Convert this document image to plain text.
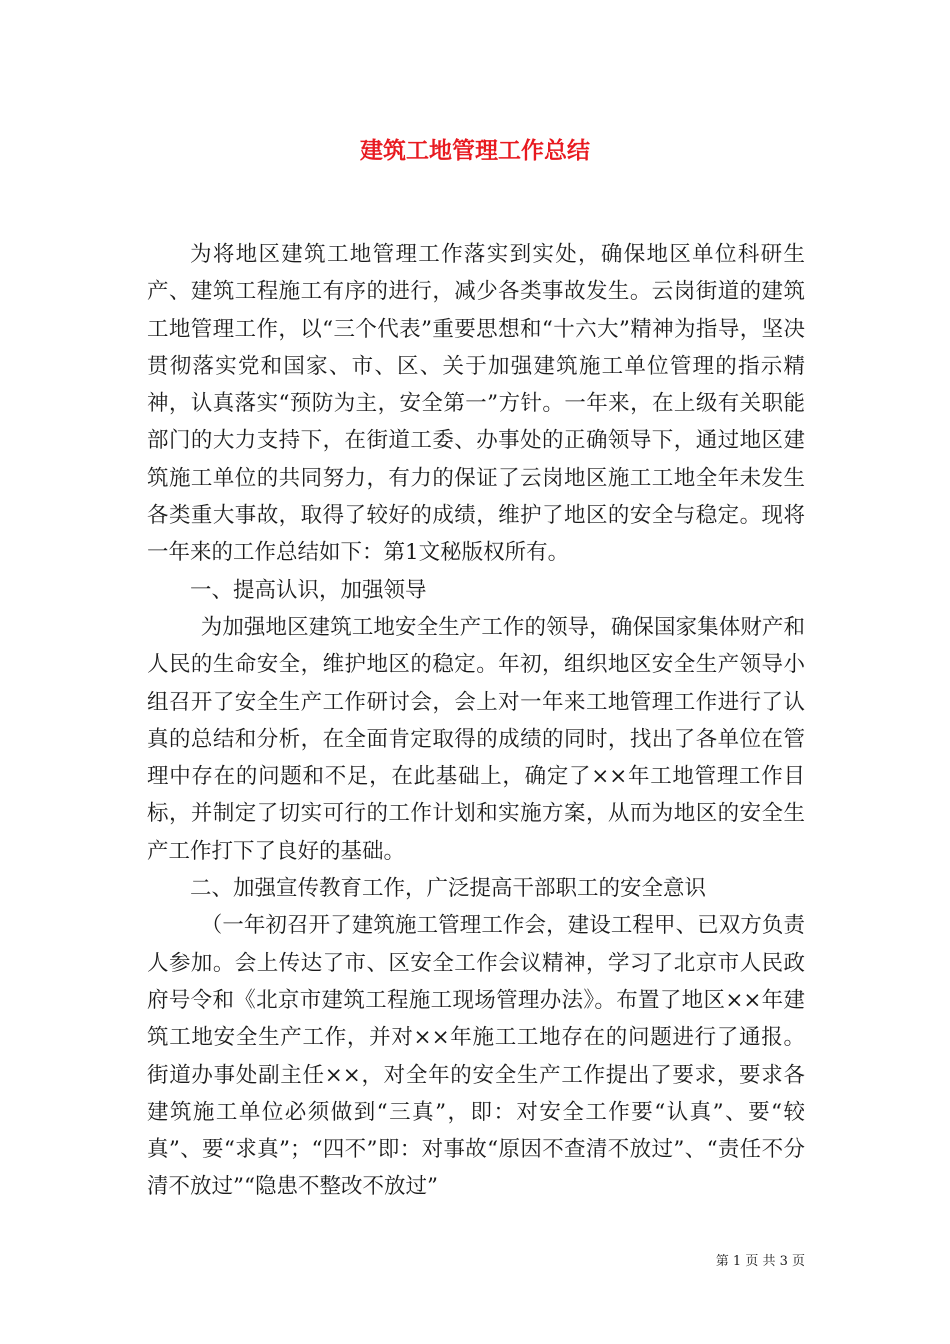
建筑工地管理工作总结

为将地区建筑工地管理工作落实到实处，确保地区单位科研生产、建筑工程施工有序的进行，减少各类事故发生。云岗街道的建筑工地管理工作，以“三个代表”重要思想和“十六大”精神为指导，坚决贯彻落实党和国家、市、区、关于加强建筑施工单位管理的指示精神，认真落实“预防为主，安全第一”方针。一年来，在上级有关职能部门的大力支持下，在街道工委、办事处的正确领导下，通过地区建筑施工单位的共同努力，有力的保证了云岗地区施工工地全年未发生各类重大事故，取得了较好的成绩，维护了地区的安全与稳定。现将一年来的工作总结如下：第1文秘版权所有。

一、提高认识，加强领导

为加强地区建筑工地安全生产工作的领导，确保国家集体财产和人民的生命安全，维护地区的稳定。年初，组织地区安全生产领导小组召开了安全生产工作研讨会，会上对一年来工地管理工作进行了认真的总结和分析，在全面肯定取得的成绩的同时，找出了各单位在管理中存在的问题和不足，在此基础上，确定了××年工地管理工作目标，并制定了切实可行的工作计划和实施方案，从而为地区的安全生产工作打下了良好的基础。

二、加强宣传教育工作，广泛提高干部职工的安全意识

（一年初召开了建筑施工管理工作会，建设工程甲、已双方负责人参加。会上传达了市、区安全工作会议精神，学习了北京市人民政府号令和《北京市建筑工程施工现场管理办法》。布置了地区××年建筑工地安全生产工作，并对××年施工工地存在的问题进行了通报。街道办事处副主任××，对全年的安全生产工作提出了要求，要求各建筑施工单位必须做到“三真”，即：对安全工作要“认真”、要“较真”、要“求真”；“四不”即：对事故“原因不查清不放过”、“责任不分清不放过”“隐患不整改不放过”

第 1 页 共 3 页
